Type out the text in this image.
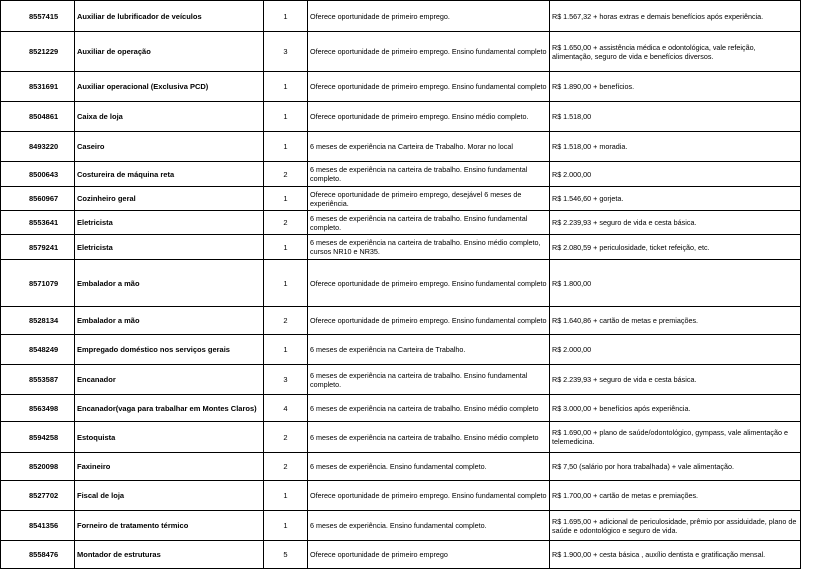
8557415	Auxiliar de lubrificador de veículos	1	Oferece oportunidade de primeiro emprego.	R$ 1.567,32 + horas extras e demais benefícios após experiência.
8521229	Auxiliar de operação	3	Oferece oportunidade de primeiro emprego. Ensino fundamental completo	R$ 1.650,00 + assistência médica e odontológica, vale refeição, alimentação, seguro de vida e benefícios diversos.
8531691	Auxiliar operacional (Exclusiva PCD)	1	Oferece oportunidade de primeiro emprego. Ensino fundamental completo	R$ 1.890,00 + benefícios.
8504861	Caixa de loja	1	Oferece oportunidade de primeiro emprego. Ensino médio completo.	R$ 1.518,00
8493220	Caseiro	1	6 meses de experiência na Carteira de Trabalho. Morar no local	R$ 1.518,00 + moradia.
8500643	Costureira de máquina reta	2	6 meses de experiência na carteira de trabalho. Ensino fundamental completo.	R$ 2.000,00
8560967	Cozinheiro geral	1	Oferece oportunidade de primeiro emprego, desejável 6 meses de experiência.	R$ 1.546,60 + gorjeta.
8553641	Eletricista	2	6 meses de experiência na carteira de trabalho. Ensino fundamental completo.	R$ 2.239,93 + seguro de vida e cesta básica.
8579241	Eletricista	1	6 meses de experiência na carteira de trabalho. Ensino médio completo, cursos NR10 e NR35.	R$ 2.080,59 + periculosidade, ticket refeição, etc.
8571079	Embalador a mão	1	Oferece oportunidade de primeiro emprego. Ensino fundamental completo	R$ 1.800,00
8528134	Embalador a mão	2	Oferece oportunidade de primeiro emprego. Ensino fundamental completo	R$ 1.640,86 + cartão de metas e premiações.
8548249	Empregado doméstico nos serviços gerais	1	6 meses de experiência na Carteira de Trabalho.	R$ 2.000,00
8553587	Encanador	3	6 meses de experiência na carteira de trabalho. Ensino fundamental completo.	R$ 2.239,93 + seguro de vida e cesta básica.
8563498	Encanador(vaga para trabalhar em Montes Claros)	4	6 meses de experiência na carteira de trabalho. Ensino médio completo	R$ 3.000,00 + benefícios após experiência.
8594258	Estoquista	2	6 meses de experiência na carteira de trabalho. Ensino médio completo	R$ 1.690,00 + plano de saúde/odontológico, gympass, vale alimentação e telemedicina.
8520098	Faxineiro	2	6 meses de experiência. Ensino fundamental completo.	R$ 7,50 (salário por hora trabalhada) + vale alimentação.
8527702	Fiscal de loja	1	Oferece oportunidade de primeiro emprego. Ensino fundamental completo	R$ 1.700,00 + cartão de metas e premiações.
8541356	Forneiro de tratamento térmico	1	6 meses de experiência. Ensino fundamental completo.	R$ 1.695,00 + adicional de periculosidade, prêmio por assiduidade, plano de saúde e odontológico e seguro de vida.
8558476	Montador de estruturas	5	Oferece oportunidade de primeiro emprego	R$ 1.900,00 + cesta básica , auxílio dentista e gratificação mensal.
